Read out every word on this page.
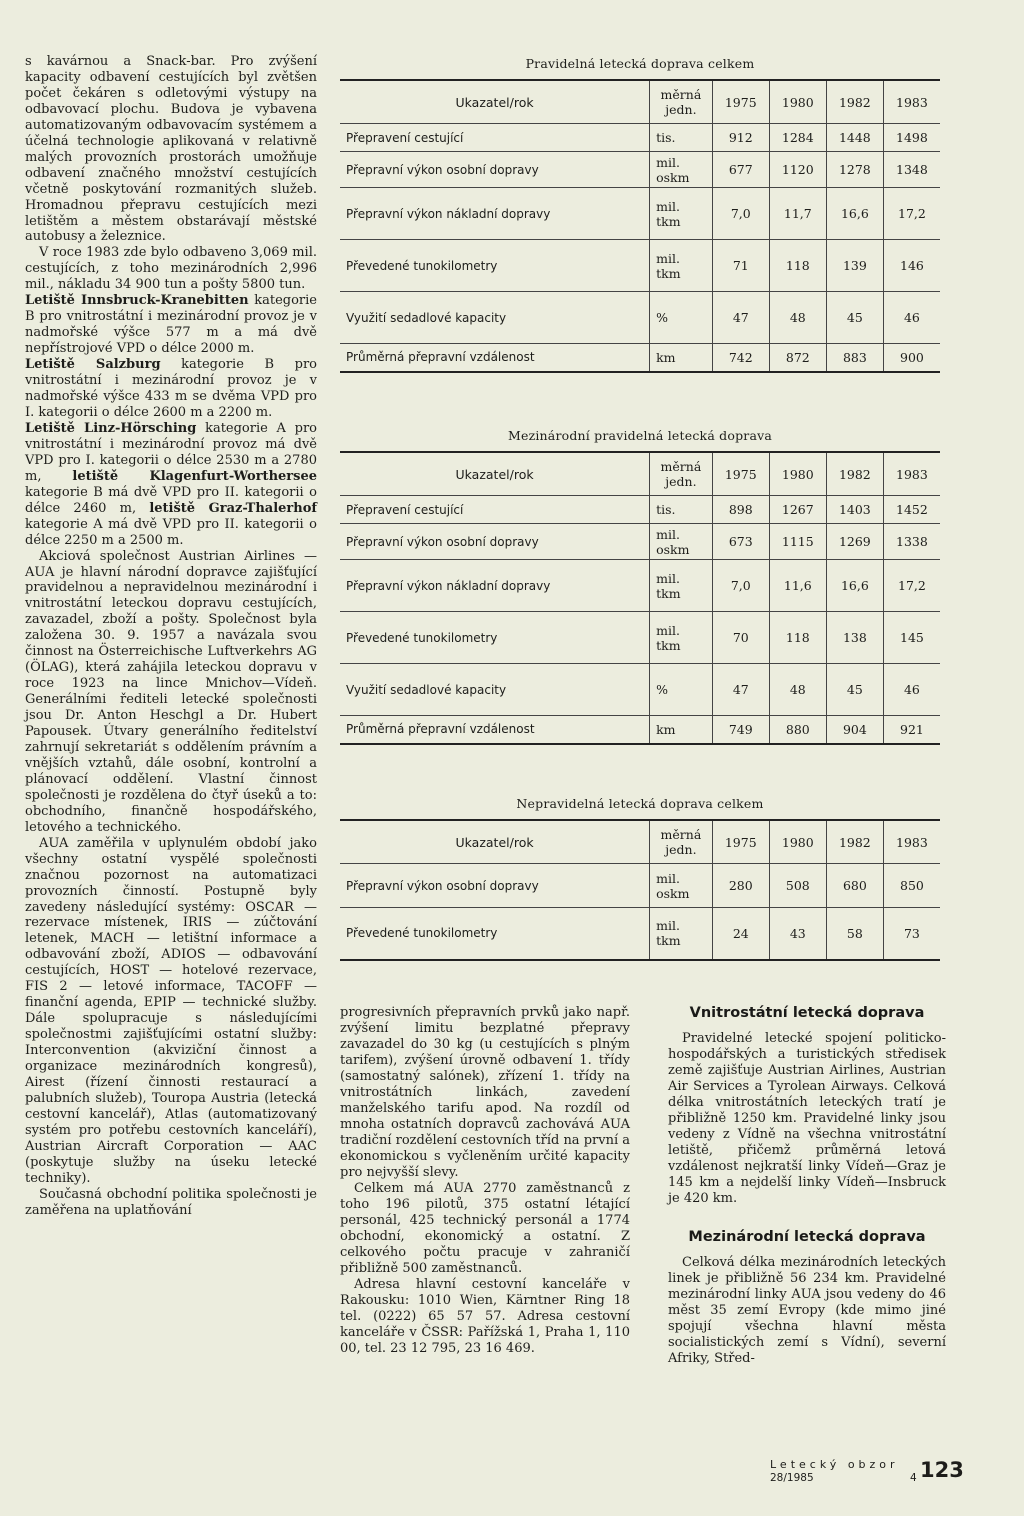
s kavárnou a Snack-bar. Pro zvýšení kapacity odbavení cestujících byl zvětšen počet čekáren s odletovými výstupy na odbavovací plochu. Budova je vybavena automatizovaným odbavovacím systémem a účelná technologie aplikovaná v relativně malých provozních prostorách umožňuje odbavení značného množství cestujících včetně poskytování rozmanitých služeb. Hromadnou přepravu cestujících mezi letištěm a městem obstarávají městské autobusy a železnice.

V roce 1983 zde bylo odbaveno 3,069 mil. cestujících, z toho mezinárodních 2,996 mil., nákladu 34 900 tun a pošty 5800 tun.

Letiště Innsbruck-Kranebitten kategorie B pro vnitrostátní i mezinárodní provoz je v nadmořské výšce 577 m a má dvě nepřístrojové VPD o délce 2000 m.

Letiště Salzburg kategorie B pro vnitrostátní i mezinárodní provoz je v nadmořské výšce 433 m se dvěma VPD pro I. kategorii o délce 2600 m a 2200 m.

Letiště Linz-Hörsching kategorie A pro vnitrostátní i mezinárodní provoz má dvě VPD pro I. kategorii o délce 2530 m a 2780 m, letiště Klagenfurt-Worthersee kategorie B má dvě VPD pro II. kategorii o délce 2460 m, letiště Graz-Thalerhof kategorie A má dvě VPD pro II. kategorii o délce 2250 m a 2500 m.

Akciová společnost Austrian Airlines — AUA je hlavní národní dopravce zajišťující pravidelnou a nepravidelnou mezinárodní i vnitrostátní leteckou dopravu cestujících, zavazadel, zboží a pošty. Společnost byla založena 30. 9. 1957 a navázala svou činnost na Österreichische Luftverkehrs AG (ÖLAG), která zahájila leteckou dopravu v roce 1923 na lince Mnichov—Vídeň. Generálními řediteli letecké společnosti jsou Dr. Anton Heschgl a Dr. Hubert Papousek. Útvary generálního ředitelství zahrnují sekretariát s oddělením právním a vnějších vztahů, dále osobní, kontrolní a plánovací oddělení. Vlastní činnost společnosti je rozdělena do čtyř úseků a to: obchodního, finančně hospodářského, letového a technického.

AUA zaměřila v uplynulém období jako všechny ostatní vyspělé společnosti značnou pozornost na automatizaci provozních činností. Postupně byly zavedeny následující systémy: OSCAR — rezervace místenek, IRIS — zúčtování letenek, MACH — letištní informace a odbavování zboží, ADIOS — odbavování cestujících, HOST — hotelové rezervace, FIS 2 — letové informace, TACOFF — finanční agenda, EPIP — technické služby. Dále spolupracuje s následujícími společnostmi zajišťujícími ostatní služby: Interconvention (akviziční činnost a organizace mezinárodních kongresů), Airest (řízení činnosti restaurací a palubních služeb), Touropa Austria (letecká cestovní kancelář), Atlas (automatizovaný systém pro potřebu cestovních kanceláří), Austrian Aircraft Corporation — AAC (poskytuje služby na úseku letecké techniky).

Současná obchodní politika společnosti je zaměřena na uplatňování

Pravidelná letecká doprava celkem
Ukazatel/rok	měrná jedn.	1975	1980	1982	1983
Přepravení cestující	tis.	912	1284	1448	1498
Přepravní výkon osobní dopravy	mil. oskm	677	1120	1278	1348
Přepravní výkon nákladní dopravy	mil. tkm	7,0	11,7	16,6	17,2
Převedené tunokilometry	mil. tkm	71	118	139	146
Využití sedadlové kapacity	%	47	48	45	46
Průměrná přepravní vzdálenost	km	742	872	883	900
Mezinárodní pravidelná letecká doprava
Ukazatel/rok	měrná jedn.	1975	1980	1982	1983
Přepravení cestující	tis.	898	1267	1403	1452
Přepravní výkon osobní dopravy	mil. oskm	673	1115	1269	1338
Přepravní výkon nákladní dopravy	mil. tkm	7,0	11,6	16,6	17,2
Převedené tunokilometry	mil. tkm	70	118	138	145
Využití sedadlové kapacity	%	47	48	45	46
Průměrná přepravní vzdálenost	km	749	880	904	921
Nepravidelná letecká doprava celkem
Ukazatel/rok	měrná jedn.	1975	1980	1982	1983
Přepravní výkon osobní dopravy	mil. oskm	280	508	680	850
Převedené tunokilometry	mil. tkm	24	43	58	73

progresivních přepravních prvků jako např. zvýšení limitu bezplatné přepravy zavazadel do 30 kg (u cestujících s plným tarifem), zvýšení úrovně odbavení 1. třídy (samostatný salónek), zřízení 1. třídy na vnitrostátních linkách, zavedení manželského tarifu apod. Na rozdíl od mnoha ostatních dopravců zachovává AUA tradiční rozdělení cestovních tříd na první a ekonomickou s vyčleněním určité kapacity pro nejvyšší slevy.

Celkem má AUA 2770 zaměstnanců z toho 196 pilotů, 375 ostatní létající personál, 425 technický personál a 1774 obchodní, ekonomický a ostatní. Z celkového počtu pracuje v zahraničí přibližně 500 zaměstnanců.

Adresa hlavní cestovní kanceláře v Rakousku: 1010 Wien, Kärntner Ring 18 tel. (0222) 65 57 57. Adresa cestovní kanceláře v ČSSR: Pařížská 1, Praha 1, 110 00, tel. 23 12 795, 23 16 469.

Vnitrostátní letecká doprava

Pravidelné letecké spojení politicko-hospodářských a turistických středisek země zajišťuje Austrian Airlines, Austrian Air Services a Tyrolean Airways. Celková délka vnitrostátních leteckých tratí je přibližně 1250 km. Pravidelné linky jsou vedeny z Vídně na všechna vnitrostátní letiště, přičemž průměrná letová vzdálenost nejkratší linky Vídeň—Graz je 145 km a nejdelší linky Vídeň—Insbruck je 420 km.

Mezinárodní letecká doprava

Celková délka mezinárodních leteckých linek je přibližně 56 234 km. Pravidelné mezinárodní linky AUA jsou vedeny do 46 měst 35 zemí Evropy (kde mimo jiné spojují všechna hlavní města socialistických zemí s Vídní), severní Afriky, Střed-

Letecký obzor
28/1985	4 123
